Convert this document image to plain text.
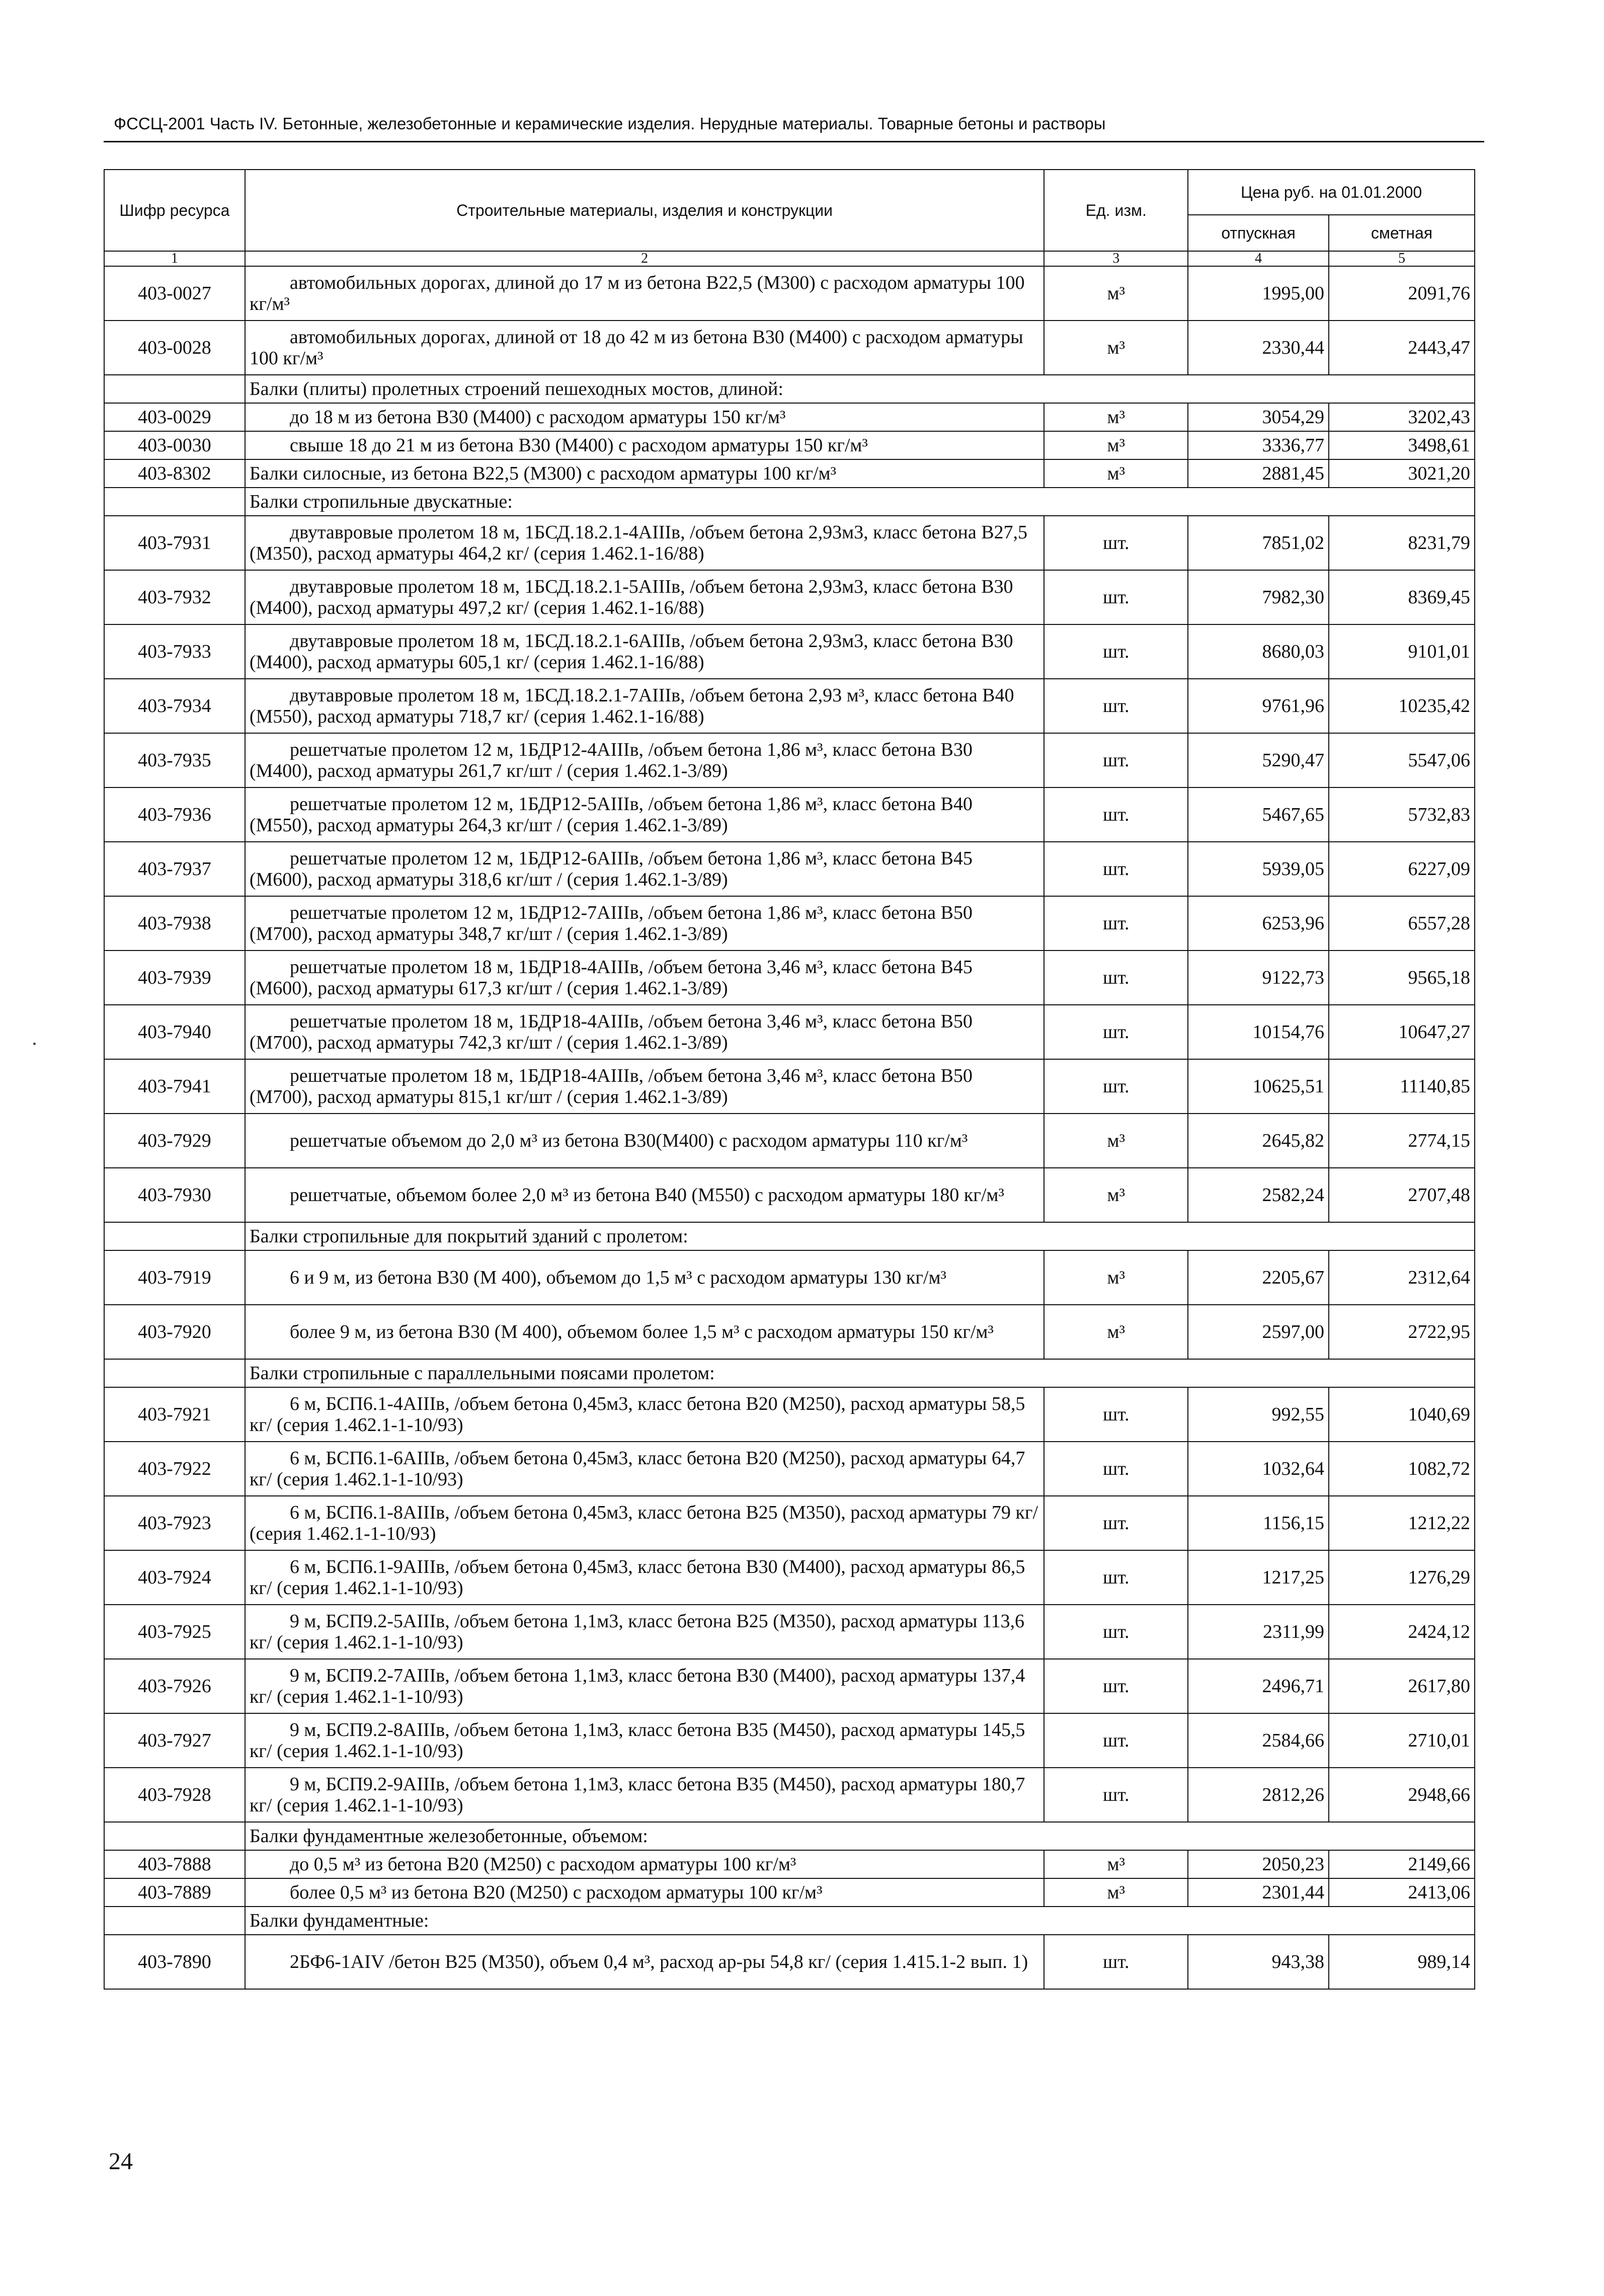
ФССЦ-2001 Часть IV. Бетонные, железобетонные и керамические изделия. Нерудные материалы. Товарные бетоны и растворы
Шифр ресурса	Строительные материалы, изделия и конструкции	Ед. изм.	Цена руб. на 01.01.2000	
			отпускная	сметная
1	2	3	4	5
403-0027	автомобильных дорогах, длиной до 17 м из бетона В22,5 (М300) с расходом арматуры 100 кг/м³	м³	1995,00	2091,76
403-0028	автомобильных дорогах, длиной от 18 до 42 м из бетона В30 (М400) с расходом арматуры 100 кг/м³	м³	2330,44	2443,47
	Балки (плиты) пролетных строений пешеходных мостов, длиной:			
403-0029	до 18 м из бетона В30 (М400) с расходом арматуры 150 кг/м³	м³	3054,29	3202,43
403-0030	свыше 18 до 21 м из бетона В30 (М400) с расходом арматуры 150 кг/м³	м³	3336,77	3498,61
403-8302	Балки силосные, из бетона В22,5 (М300) с расходом арматуры 100 кг/м³	м³	2881,45	3021,20
	Балки стропильные двускатные:			
403-7931	двутавровые пролетом 18 м, 1БСД.18.2.1-4АIIIв, /объем бетона 2,93м3, класс бетона В27,5 (М350), расход арматуры 464,2 кг/ (серия 1.462.1-16/88)	шт.	7851,02	8231,79
403-7932	двутавровые пролетом 18 м, 1БСД.18.2.1-5АIIIв, /объем бетона 2,93м3, класс бетона В30 (М400), расход арматуры 497,2 кг/ (серия 1.462.1-16/88)	шт.	7982,30	8369,45
403-7933	двутавровые пролетом 18 м, 1БСД.18.2.1-6АIIIв, /объем бетона 2,93м3, класс бетона В30 (М400), расход арматуры 605,1 кг/ (серия 1.462.1-16/88)	шт.	8680,03	9101,01
403-7934	двутавровые пролетом 18 м, 1БСД.18.2.1-7АIIIв, /объем бетона 2,93 м³, класс бетона В40 (М550), расход арматуры 718,7 кг/ (серия 1.462.1-16/88)	шт.	9761,96	10235,42
403-7935	решетчатые пролетом 12 м, 1БДР12-4АIIIв, /объем бетона 1,86 м³, класс бетона В30 (М400), расход арматуры 261,7 кг/шт / (серия 1.462.1-3/89)	шт.	5290,47	5547,06
403-7936	решетчатые пролетом 12 м, 1БДР12-5АIIIв, /объем бетона 1,86 м³, класс бетона В40 (М550), расход арматуры 264,3 кг/шт / (серия 1.462.1-3/89)	шт.	5467,65	5732,83
403-7937	решетчатые пролетом 12 м, 1БДР12-6АIIIв, /объем бетона 1,86 м³, класс бетона В45 (М600), расход арматуры 318,6 кг/шт / (серия 1.462.1-3/89)	шт.	5939,05	6227,09
403-7938	решетчатые пролетом 12 м, 1БДР12-7АIIIв, /объем бетона 1,86 м³, класс бетона В50 (М700), расход арматуры 348,7 кг/шт / (серия 1.462.1-3/89)	шт.	6253,96	6557,28
403-7939	решетчатые пролетом 18 м, 1БДР18-4АIIIв, /объем бетона 3,46 м³, класс бетона В45 (М600), расход арматуры 617,3 кг/шт / (серия 1.462.1-3/89)	шт.	9122,73	9565,18
403-7940	решетчатые пролетом 18 м, 1БДР18-4АIIIв, /объем бетона 3,46 м³, класс бетона В50 (М700), расход арматуры 742,3 кг/шт / (серия 1.462.1-3/89)	шт.	10154,76	10647,27
403-7941	решетчатые пролетом 18 м, 1БДР18-4АIIIв, /объем бетона 3,46 м³, класс бетона В50 (М700), расход арматуры 815,1 кг/шт / (серия 1.462.1-3/89)	шт.	10625,51	11140,85
403-7929	решетчатые объемом до 2,0 м³ из бетона В30(М400) с расходом арматуры 110 кг/м³	м³	2645,82	2774,15
403-7930	решетчатые, объемом более 2,0 м³ из бетона В40 (М550) с расходом арматуры 180 кг/м³	м³	2582,24	2707,48
	Балки стропильные для покрытий зданий с пролетом:			
403-7919	6 и 9 м, из бетона В30 (М 400), объемом до 1,5 м³ с расходом арматуры 130 кг/м³	м³	2205,67	2312,64
403-7920	более 9 м, из бетона В30 (М 400), объемом более 1,5 м³ с расходом арматуры 150 кг/м³	м³	2597,00	2722,95
	Балки стропильные с параллельными поясами пролетом:			
403-7921	6 м, БСП6.1-4АIIIв, /объем бетона 0,45м3, класс бетона В20 (М250), расход арматуры 58,5 кг/ (серия 1.462.1-1-10/93)	шт.	992,55	1040,69
403-7922	6 м, БСП6.1-6АIIIв, /объем бетона 0,45м3, класс бетона В20 (М250), расход арматуры 64,7 кг/ (серия 1.462.1-1-10/93)	шт.	1032,64	1082,72
403-7923	6 м, БСП6.1-8АIIIв, /объем бетона 0,45м3, класс бетона В25 (М350), расход арматуры 79 кг/ (серия 1.462.1-1-10/93)	шт.	1156,15	1212,22
403-7924	6 м, БСП6.1-9АIIIв, /объем бетона 0,45м3, класс бетона В30 (М400), расход арматуры 86,5 кг/ (серия 1.462.1-1-10/93)	шт.	1217,25	1276,29
403-7925	9 м, БСП9.2-5АIIIв, /объем бетона 1,1м3, класс бетона В25 (М350), расход арматуры 113,6 кг/ (серия 1.462.1-1-10/93)	шт.	2311,99	2424,12
403-7926	9 м, БСП9.2-7АIIIв, /объем бетона 1,1м3, класс бетона В30 (М400), расход арматуры 137,4 кг/ (серия 1.462.1-1-10/93)	шт.	2496,71	2617,80
403-7927	9 м, БСП9.2-8АIIIв, /объем бетона 1,1м3, класс бетона В35 (М450), расход арматуры 145,5 кг/ (серия 1.462.1-1-10/93)	шт.	2584,66	2710,01
403-7928	9 м, БСП9.2-9АIIIв, /объем бетона 1,1м3, класс бетона В35 (М450), расход арматуры 180,7 кг/ (серия 1.462.1-1-10/93)	шт.	2812,26	2948,66
	Балки фундаментные железобетонные, объемом:			
403-7888	до 0,5 м³ из бетона В20 (М250) с расходом арматуры 100 кг/м³	м³	2050,23	2149,66
403-7889	более 0,5 м³ из бетона В20 (М250) с расходом арматуры 100 кг/м³	м³	2301,44	2413,06
	Балки фундаментные:			
403-7890	2БФ6-1АIV /бетон В25 (М350), объем 0,4 м³, расход ар-ры 54,8 кг/ (серия 1.415.1-2 вып. 1)	шт.	943,38	989,14
24
